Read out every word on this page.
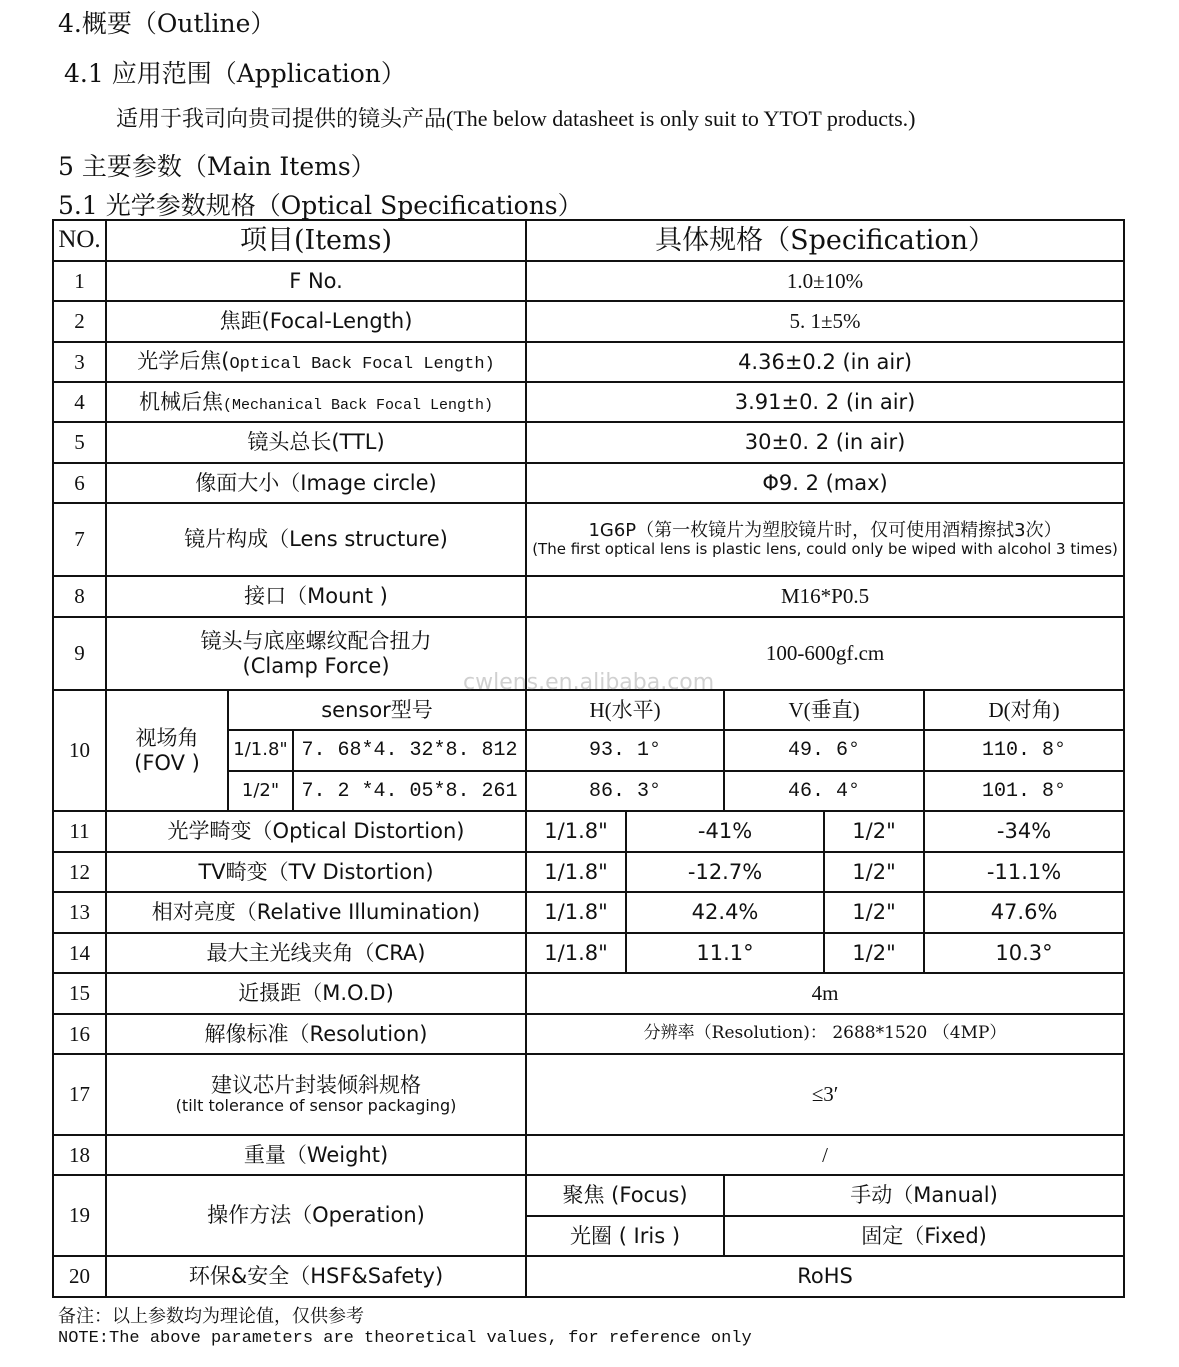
4.概要（Outline）
4.1 应用范围（Application）
适用于我司向贵司提供的镜头产品(The below datasheet is only suit to YTOT products.)
5 主要参数（Main Items）
5.1 光学参数规格（Optical Specifications）
NO.	项目(Items)			具体规格（Specification）				
1	F No.			1.0±10%				
2	焦距(Focal-Length)			5. 1±5%				
3	光学后焦(Optical Back Focal Length)			4.36±0.2 (in air)				
4	机械后焦(Mechanical Back Focal Length)			3.91±0. 2 (in air)				
5	镜头总长(TTL)			30±0. 2 (in air)				
6	像面大小（Image circle)			Φ9. 2 (max)				
7	镜片构成（Lens structure)			1G6P（第一枚镜片为塑胶镜片时，仅可使用酒精擦拭3次）
(The first optical lens is plastic lens, could only be wiped with alcohol 3 times)				

8	接口（Mount )			M16*P0.5				
9	镜头与底座螺纹配合扭力
(Clamp Force)			100-600gf.cm				
10	视场角
(FOV )	sensor型号		H(水平)		V(垂直)		D(对角)
		1/1.8"	7. 68*4. 32*8. 812	93. 1°		49. 6°		110. 8°
		1/2"	7. 2 *4. 05*8. 261	86. 3°		46. 4°		101. 8°
11	光学畸变（Optical Distortion)			1/1.8"	-41%		1/2"	-34%
12	TV畸变（TV Distortion)			1/1.8"	-12.7%		1/2"	-11.1%
13	相对亮度（Relative Illumination)			1/1.8"	42.4%		1/2"	47.6%
14	最大主光线夹角（CRA)			1/1.8"	11.1°		1/2"	10.3°
15	近摄距（M.O.D)			4m				
16	解像标准（Resolution)			分辨率（Resolution)： 2688*1520 （4MP）				
17	建议芯片封装倾斜规格
(tilt tolerance of sensor packaging)			≤3′				
18	重量（Weight)			/				
19	操作方法（Operation)			聚焦 (Focus)		手动（Manual)		
				光圈 ( Iris )		固定（Fixed)		
20	环保&安全（HSF&Safety)			RoHS				
cwlens.en.alibaba.com
备注：以上参数均为理论值，仅供参考
NOTE:The above parameters are theoretical values, for reference only
